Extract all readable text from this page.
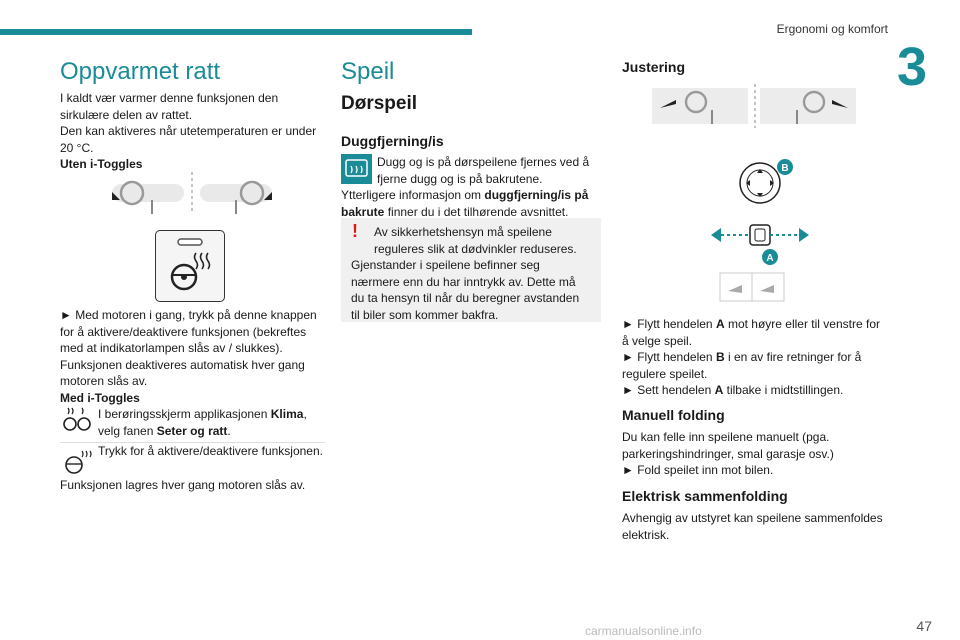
Ergonomi og komfort
3
Oppvarmet ratt

I kaldt vær varmer denne funksjonen den sirkulære delen av rattet.

Den kan aktiveres når utetemperaturen er under 20 °C.

Uten i-Toggles

► Med motoren i gang, trykk på denne knappen for å aktivere/deaktivere funksjonen (bekreftes med at indikatorlampen slås av / slukkes).

Funksjonen deaktiveres automatisk hver gang motoren slås av.

Med i-Toggles

I berøringsskjerm applikasjonen Klima,
velg fanen Seter og ratt.
Trykk for å aktivere/deaktivere funksjonen.

Funksjonen lagres hver gang motoren slås av.

Speil
Dørspeil
Duggfjerning/is
Dugg og is på dørspeilene fjernes ved å fjerne dugg og is på bakrutene.

Ytterligere informasjon om duggfjerning/is på bakrute finner du i det tilhørende avsnittet.

!	Av sikkerhetshensyn må speilene reguleres slik at dødvinkler reduseres.

Gjenstander i speilene befinner seg nærmere enn du har inntrykk av. Dette må du ta hensyn til når du beregner avstanden til biler som kommer bakfra.

Justering
B
A

► Flytt hendelen A mot høyre eller til venstre for å velge speil.

► Flytt hendelen B i en av fire retninger for å regulere speilet.

► Sett hendelen A tilbake i midtstillingen.

Manuell folding

Du kan felle inn speilene manuelt (pga. parkeringshindringer, smal garasje osv.)

► Fold speilet inn mot bilen.

Elektrisk sammenfolding

Avhengig av utstyret kan speilene sammenfoldes elektrisk.

47
carmanualsonline.info
